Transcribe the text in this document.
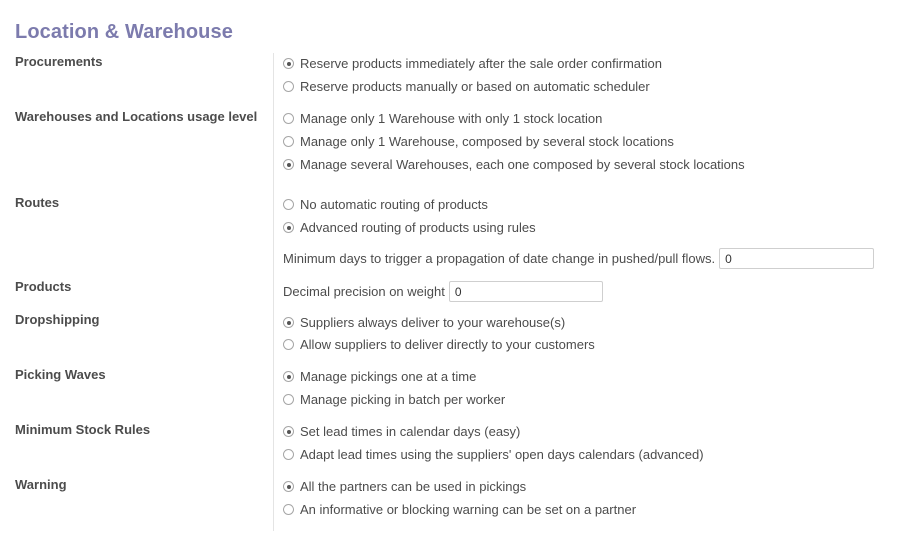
Location & Warehouse
Procurements	Reserve products immediately after the sale order confirmation
Reserve products manually or based on automatic scheduler
Warehouses and Locations usage level	Manage only 1 Warehouse with only 1 stock location
Manage only 1 Warehouse, composed by several stock locations
Manage several Warehouses, each one composed by several stock locations
Routes	No automatic routing of products
Advanced routing of products using rules
Minimum days to trigger a propagation of date change in pushed/pull flows.
0
Products	Decimal precision on weight
0
Dropshipping	Suppliers always deliver to your warehouse(s)
Allow suppliers to deliver directly to your customers
Picking Waves	Manage pickings one at a time
Manage picking in batch per worker
Minimum Stock Rules	Set lead times in calendar days (easy)
Adapt lead times using the suppliers' open days calendars (advanced)
Warning	All the partners can be used in pickings
An informative or blocking warning can be set on a partner
